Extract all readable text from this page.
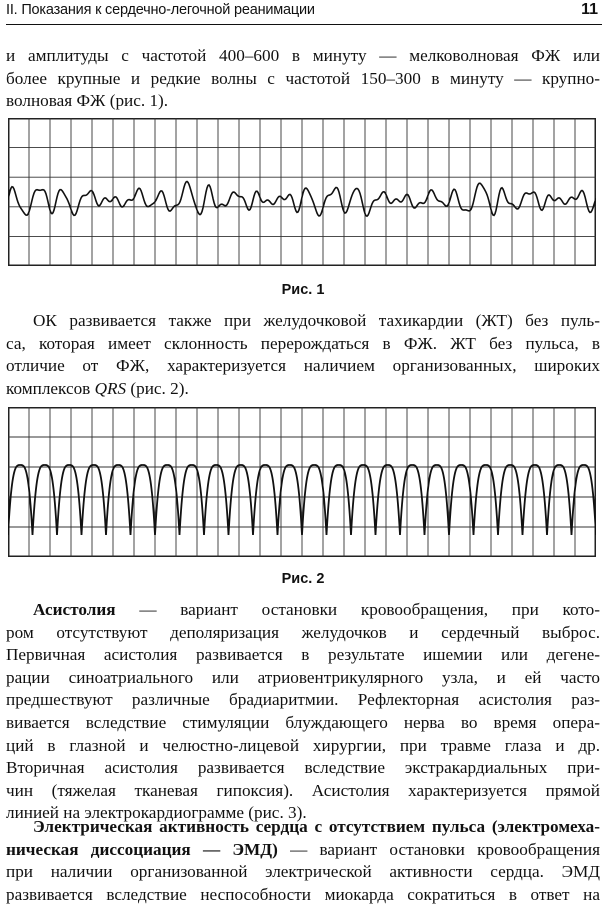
II. Показания к сердечно-легочной реанимации	11
и амплитуды с частотой 400–600 в минуту — мелковолновая ФЖ или
более крупные и редкие волны с частотой 150–300 в минуту — крупно-
волновая ФЖ (рис. 1).
Рис. 1
ОК развивается также при желудочковой тахикардии (ЖТ) без пуль-
са, которая имеет склонность перерождаться в ФЖ. ЖТ без пульса, в
отличие от ФЖ, характеризуется наличием организованных, широких
комплексов QRS (рис. 2).
Рис. 2
Асистолия — вариант остановки кровообращения, при кото-
ром отсутствуют деполяризация желудочков и сердечный выброс.
Первичная асистолия развивается в результате ишемии или дегене-
рации синоатриального или атриовентрикулярного узла, и ей часто
предшествуют различные брадиаритмии. Рефлекторная асистолия раз-
вивается вследствие стимуляции блуждающего нерва во время опера-
ций в глазной и челюстно-лицевой хирургии, при травме глаза и др.
Вторичная асистолия развивается вследствие экстракардиальных при-
чин (тяжелая тканевая гипоксия). Асистолия характеризуется прямой
линией на электрокардиограмме (рис. 3).
Электрическая активность сердца с отсутствием пульса (электромеха-
ническая диссоциация — ЭМД) — вариант остановки кровообращения
при наличии организованной электрической активности сердца. ЭМД
развивается вследствие неспособности миокарда сократиться в ответ на
